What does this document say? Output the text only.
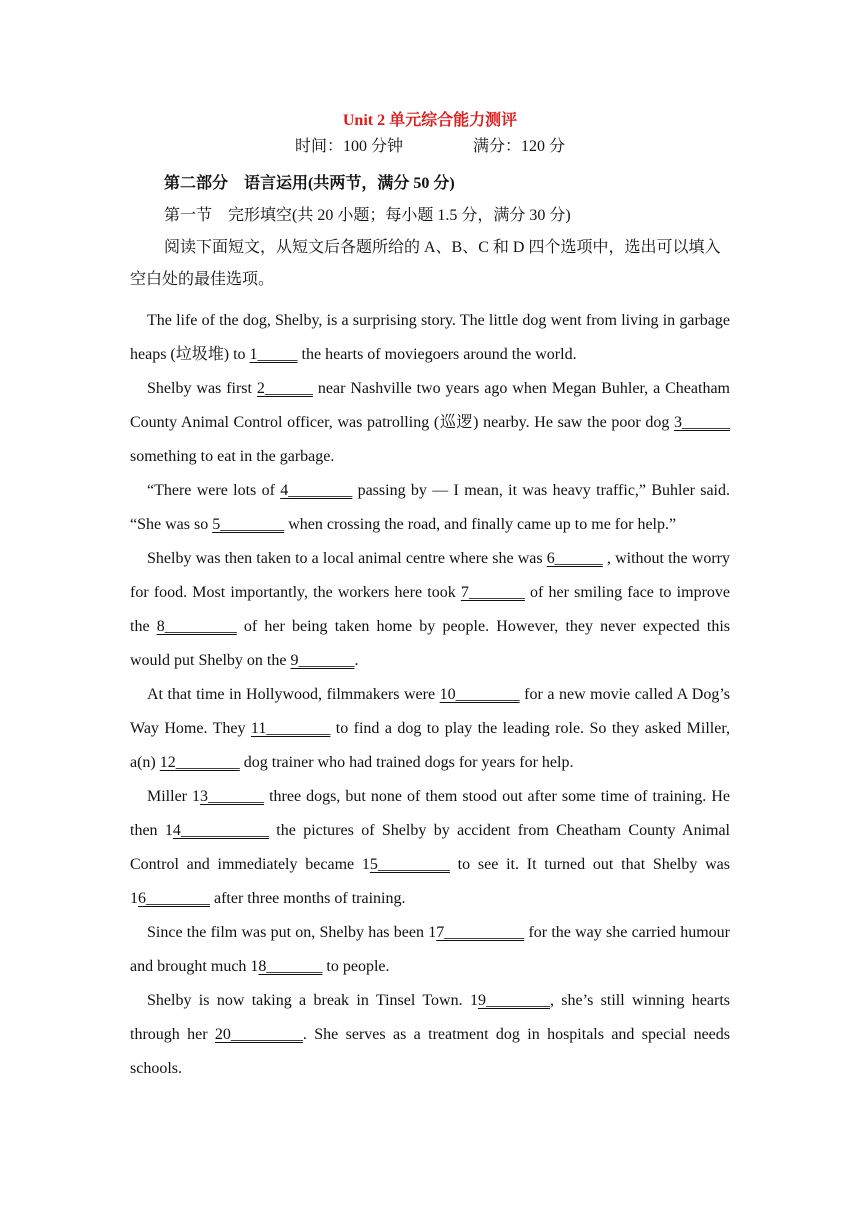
Unit 2 单元综合能力测评

时间：100 分钟	满分：120 分

第二部分　语言运用(共两节，满分 50 分)

第一节　完形填空(共 20 小题；每小题 1.5 分，满分 30 分)

阅读下面短文，从短文后各题所给的 A、B、C 和 D 四个选项中，选出可以填入空白处的最佳选项。

The life of the dog, Shelby, is a surprising story. The little dog went from living in garbage heaps (垃圾堆) to 1_____ the hearts of moviegoers around the world.

Shelby was first 2______ near Nashville two years ago when Megan Buhler, a Cheatham County Animal Control officer, was patrolling (巡逻) nearby. He saw the poor dog 3______ something to eat in the garbage.

“There were lots of 4________ passing by — I mean, it was heavy traffic,” Buhler said. “She was so 5________ when crossing the road, and finally came up to me for help.”

Shelby was then taken to a local animal centre where she was 6______ , without the worry for food. Most importantly, the workers here took 7_______ of her smiling face to improve the 8_________ of her being taken home by people. However, they never expected this would put Shelby on the 9_______.

At that time in Hollywood, filmmakers were 10________ for a new movie called A Dog’s Way Home. They 11________ to find a dog to play the leading role. So they asked Miller, a(n) 12________ dog trainer who had trained dogs for years for help.

Miller 13_______ three dogs, but none of them stood out after some time of training. He then 14___________ the pictures of Shelby by accident from Cheatham County Animal Control and immediately became 15_________ to see it. It turned out that Shelby was 16________ after three months of training.

Since the film was put on, Shelby has been 17__________ for the way she carried humour and brought much 18_______ to people.

Shelby is now taking a break in Tinsel Town. 19________, she’s still winning hearts through her 20_________. She serves as a treatment dog in hospitals and special needs schools.
